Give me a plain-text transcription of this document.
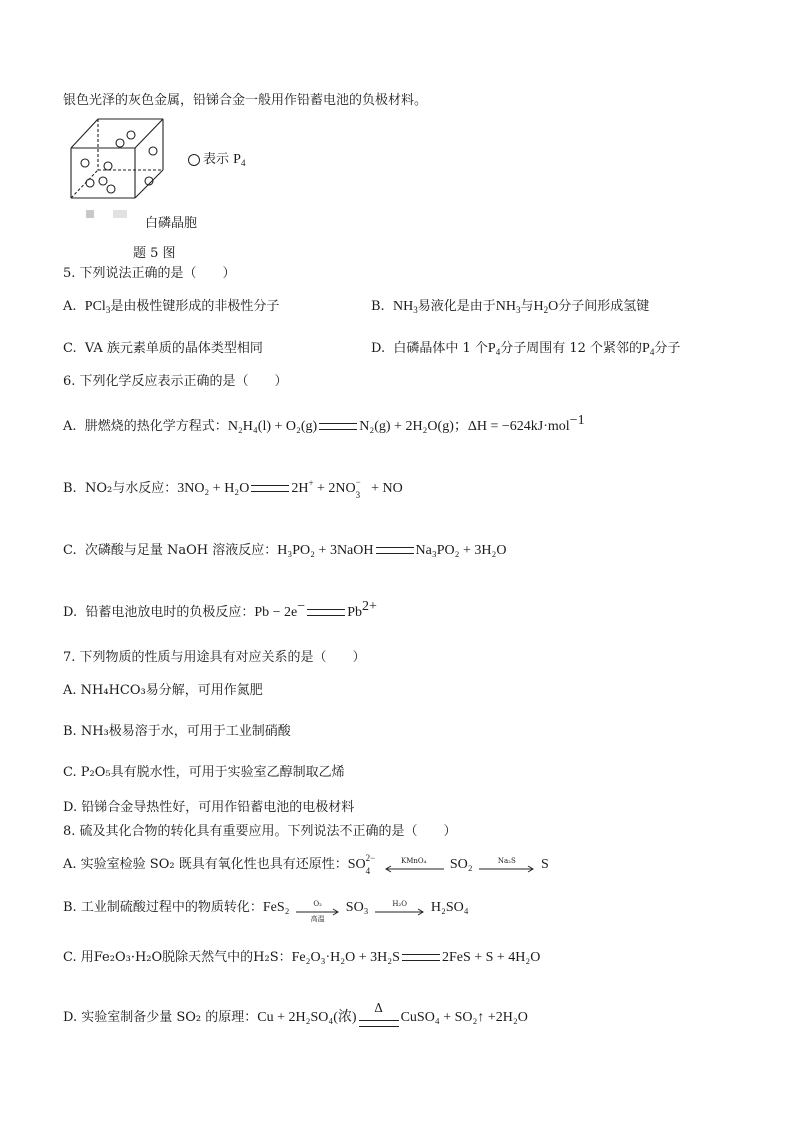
银色光泽的灰色金属，铅锑合金一般用作铅蓄电池的负极材料。
表示 $P_4$
白磷晶胞
题 5 图
5. 下列说法正确的是（　　）
A. PCl$_3$是由极性键形成的非极性分子	B. $NH_3$易液化是由于$NH_3$与$H_2O$分子间形成氢键
C. VA 族元素单质的晶体类型相同	D. 白磷晶体中 1 个$P_4$分子周围有 12 个紧邻的$P_4$分子
6. 下列化学反应表示正确的是（　　）
A. 肼燃烧的热化学方程式：N₂H₄(l) + O₂(g)	N₂(g) + 2H₂O(g)；ΔH = −624kJ·mol$^{-1}$
B. NO₂与水反应：3NO₂ + H₂O	2H+ + 2NO −
3 + NO
C. 次磷酸与足量 NaOH 溶液反应：H₃PO₂ + 3NaOH	Na₃PO₂ + 3H₂O
D. 铅蓄电池放电时的负极反应：Pb − 2e−	$Pb^{2+}$
7. 下列物质的性质与用途具有对应关系的是（　　）
A. NH₄HCO₃易分解，可用作氮肥
B. NH₃极易溶于水，可用于工业制硝酸
C. P₂O₅具有脱水性，可用于实验室乙醇制取乙烯
D. 铅锑合金导热性好，可用作铅蓄电池的电极材料
8. 硫及其化合物的转化具有重要应用。下列说法不正确的是（　　）
A. 实验室检验 SO₂ 既具有氧化性也具有还原性：SO 2−
4

KMnO₄	SO₂	Na₂S	S
B. 工业制硫酸过程中的物质转化：FeS₂	O₂
高温
SO₃	H₂O	H₂SO₄
C. 用Fe₂O₃·H₂O脱除天然气中的H₂S：Fe₂O₃·H₂O + 3H₂S	2FeS + S + 4H₂O
D. 实验室制备少量 SO₂ 的原理：Cu + 2H₂SO₄(浓)
Δ
CuSO₄ + SO₂↑ +2H₂O
